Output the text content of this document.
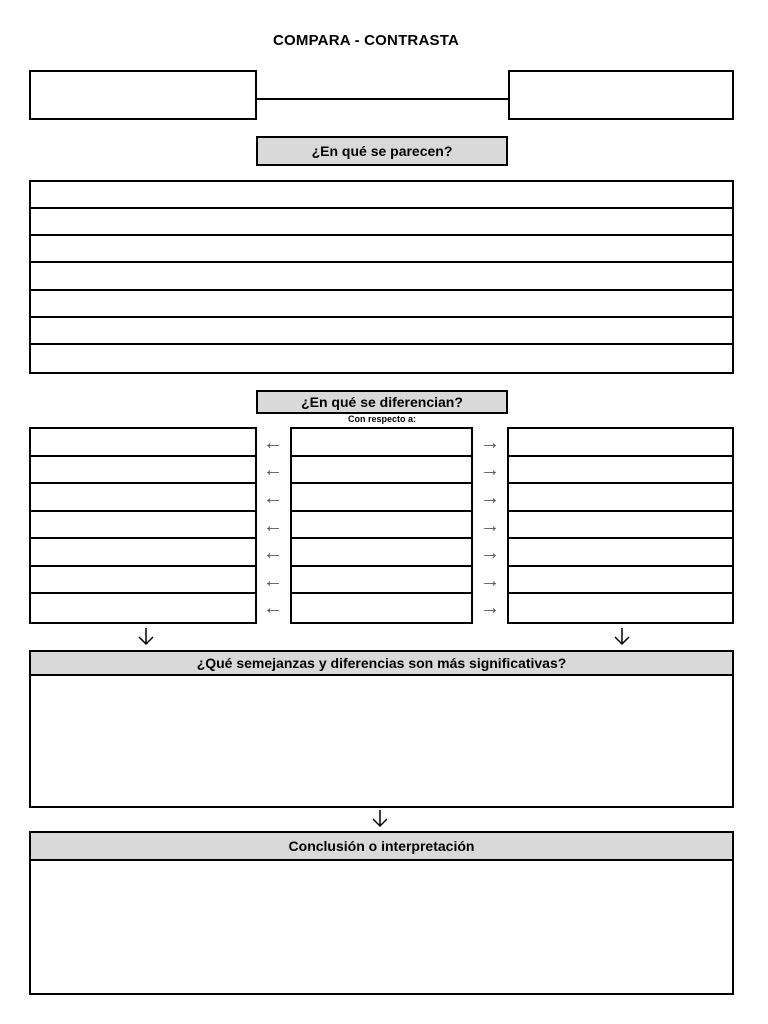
COMPARA - CONTRASTA
¿En qué se parecen?
¿En qué se diferencian?
Con respecto a:
←	→
←	→
←	→
←	→
←	→
←	→
←	→
¿Qué semejanzas y diferencias son más significativas?
Conclusión o interpretación
